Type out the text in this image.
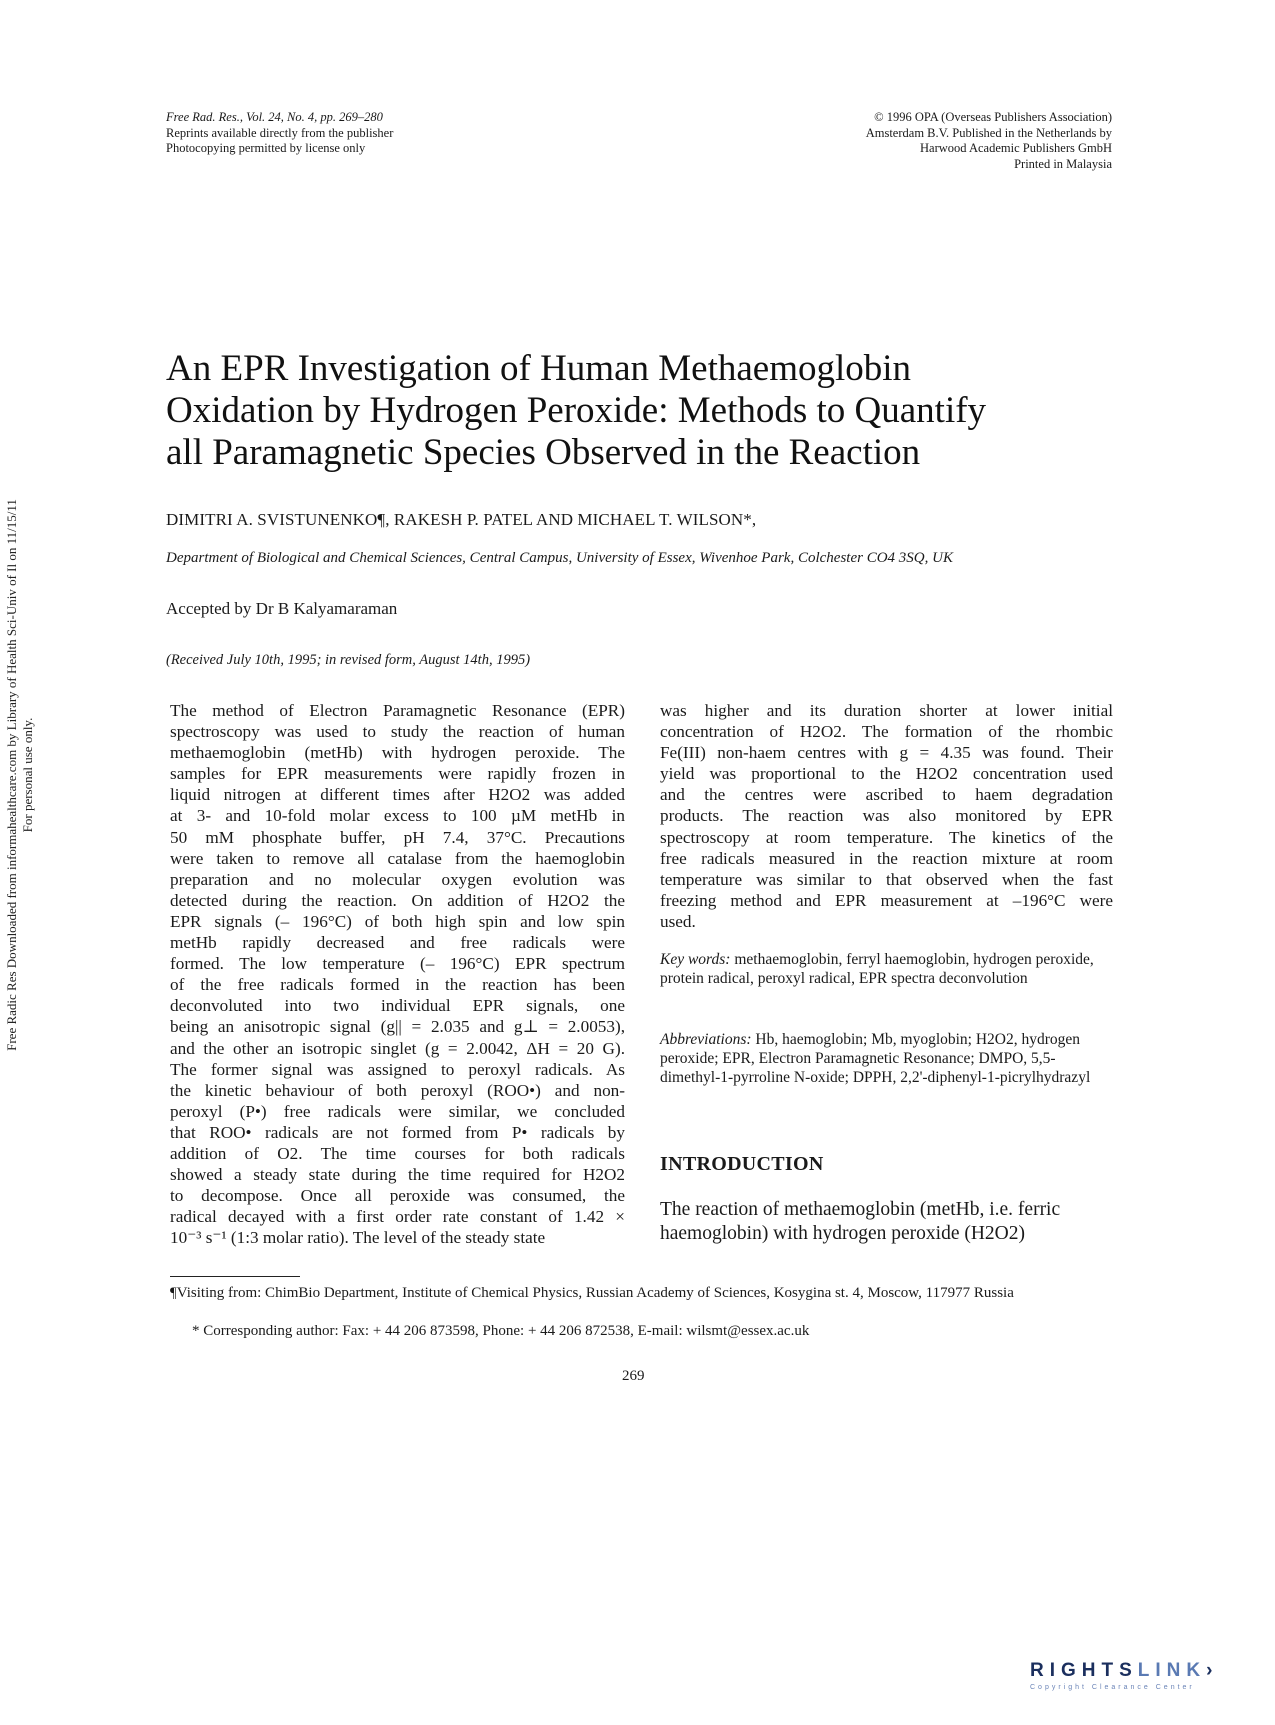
Free Rad. Res., Vol. 24, No. 4, pp. 269–280
Reprints available directly from the publisher
Photocopying permitted by license only
© 1996 OPA (Overseas Publishers Association)
Amsterdam B.V. Published in the Netherlands by
Harwood Academic Publishers GmbH
Printed in Malaysia
An EPR Investigation of Human Methaemoglobin
Oxidation by Hydrogen Peroxide: Methods to Quantify
all Paramagnetic Species Observed in the Reaction
DIMITRI A. SVISTUNENKO¶, RAKESH P. PATEL AND MICHAEL T. WILSON*,
Department of Biological and Chemical Sciences, Central Campus, University of Essex, Wivenhoe Park, Colchester CO4 3SQ, UK
Accepted by Dr B Kalyamaraman
(Received July 10th, 1995; in revised form, August 14th, 1995)
The method of Electron Paramagnetic Resonance (EPR)
spectroscopy was used to study the reaction of human
methaemoglobin (metHb) with hydrogen peroxide. The
samples for EPR measurements were rapidly frozen in
liquid nitrogen at different times after H2O2 was added
at 3- and 10-fold molar excess to 100 µM metHb in
50 mM phosphate buffer, pH 7.4, 37°C. Precautions
were taken to remove all catalase from the haemoglobin
preparation and no molecular oxygen evolution was
detected during the reaction. On addition of H2O2 the
EPR signals (– 196°C) of both high spin and low spin
metHb rapidly decreased and free radicals were
formed. The low temperature (– 196°C) EPR spectrum
of the free radicals formed in the reaction has been
deconvoluted into two individual EPR signals, one
being an anisotropic signal (g|| = 2.035 and g⊥ = 2.0053),
and the other an isotropic singlet (g = 2.0042, ΔH = 20 G).
The former signal was assigned to peroxyl radicals. As
the kinetic behaviour of both peroxyl (ROO•) and non-
peroxyl (P•) free radicals were similar, we concluded
that ROO• radicals are not formed from P• radicals by
addition of O2. The time courses for both radicals
showed a steady state during the time required for H2O2
to decompose. Once all peroxide was consumed, the
radical decayed with a first order rate constant of 1.42 ×
10⁻³ s⁻¹ (1:3 molar ratio). The level of the steady state
was higher and its duration shorter at lower initial
concentration of H2O2. The formation of the rhombic
Fe(III) non-haem centres with g = 4.35 was found. Their
yield was proportional to the H2O2 concentration used
and the centres were ascribed to haem degradation
products. The reaction was also monitored by EPR
spectroscopy at room temperature. The kinetics of the
free radicals measured in the reaction mixture at room
temperature was similar to that observed when the fast
freezing method and EPR measurement at –196°C were
used.
Key words: methaemoglobin, ferryl haemoglobin, hydrogen peroxide, protein radical, peroxyl radical, EPR spectra deconvolution
Abbreviations: Hb, haemoglobin; Mb, myoglobin; H2O2, hydrogen peroxide; EPR, Electron Paramagnetic Resonance; DMPO, 5,5-dimethyl-1-pyrroline N-oxide; DPPH, 2,2'-diphenyl-1-picrylhydrazyl
INTRODUCTION
The reaction of methaemoglobin (metHb, i.e. ferric haemoglobin) with hydrogen peroxide (H2O2)
¶Visiting from: ChimBio Department, Institute of Chemical Physics, Russian Academy of Sciences, Kosygina st. 4, Moscow, 117977 Russia
* Corresponding author: Fax: + 44 206 873598, Phone: + 44 206 872538, E-mail: wilsmt@essex.ac.uk
269
Free Radic Res Downloaded from informahealthcare.com by Library of Health Sci-Univ of Il on 11/15/11 For personal use only.
RIGHTSLINK›
Copyright Clearance Center
